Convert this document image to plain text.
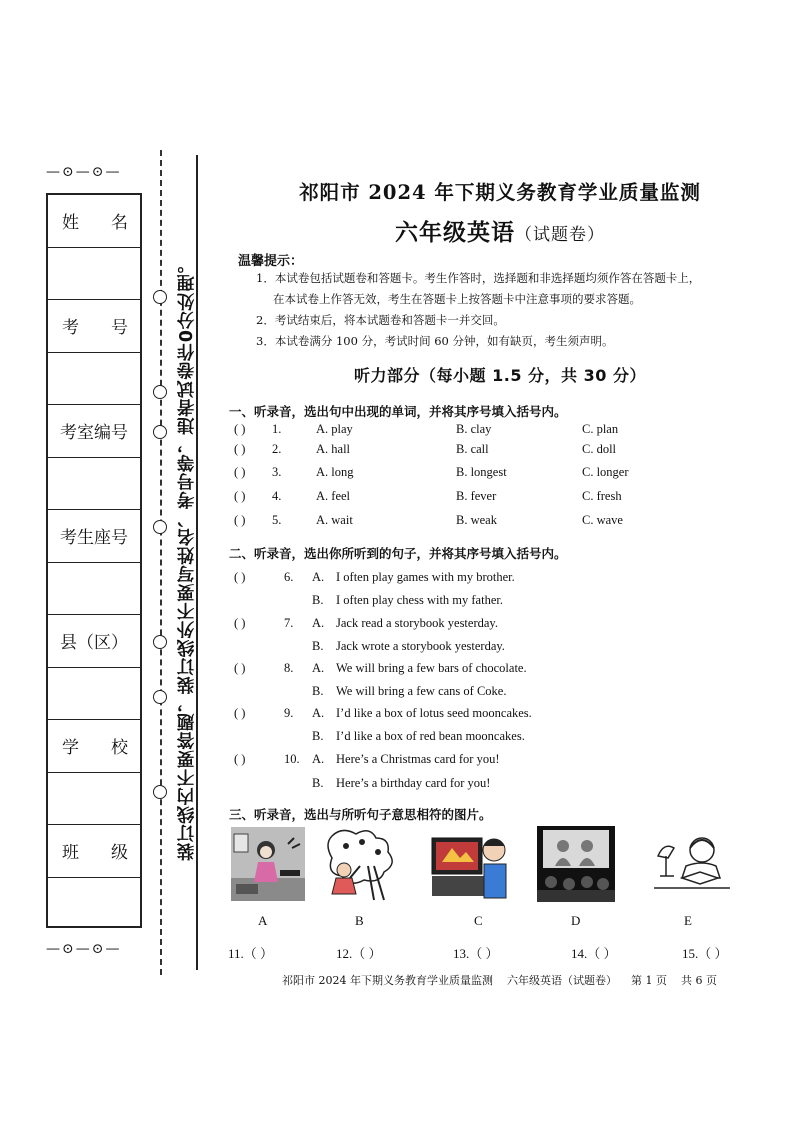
—⊙—⊙—
姓 名
考 号
考室编号
考生座号
县（区）
学 校
班 级
—⊙—⊙—
装订线内不要答题，装订线外不要写姓名、考号等，违者试卷作0分处理。
祁阳市 2024 年下期义务教育学业质量监测
六年级英语（试题卷）
温馨提示：
1．本试卷包括试题卷和答题卡。考生作答时，选择题和非选择题均须作答在答题卡上，
在本试卷上作答无效，考生在答题卡上按答题卡中注意事项的要求答题。
2．考试结束后，将本试题卷和答题卡一并交回。
3．本试卷满分 100 分，考试时间 60 分钟，如有缺页，考生须声明。
听力部分（每小题 1.5 分，共 30 分）
一、听录音，选出句中出现的单词，并将其序号填入括号内。
( ) 1.	A. play	B. clay	C. plan
( ) 2.	A. hall	B. call	C. doll
( ) 3.	A. long	B. longest	C. longer
( ) 4.	A. feel	B. fever	C. fresh
( ) 5.	A. wait	B. weak	C. wave
二、听录音，选出你所听到的句子，并将其序号填入括号内。
( )	6. A. I often play games with my brother.
B. I often play chess with my father.
( )	7. A. Jack read a storybook yesterday.
B. Jack wrote a storybook yesterday.
( )	8. A. We will bring a few bars of chocolate.
B. We will bring a few cans of Coke.
( )	9. A. I’d like a box of lotus seed mooncakes.
B. I’d like a box of red bean mooncakes.
( )	10. A. Here’s a Christmas card for you!
B. Here’s a birthday card for you!
三、听录音，选出与所听句子意思相符的图片。
A	B	C	D	E
11.（ ）	12.（ ）	13.（ ）	14.（ ）	15.（ ）
祁阳市 2024 年下期义务教育学业质量监测 六年级英语（试题卷） 第 1 页 共 6 页
